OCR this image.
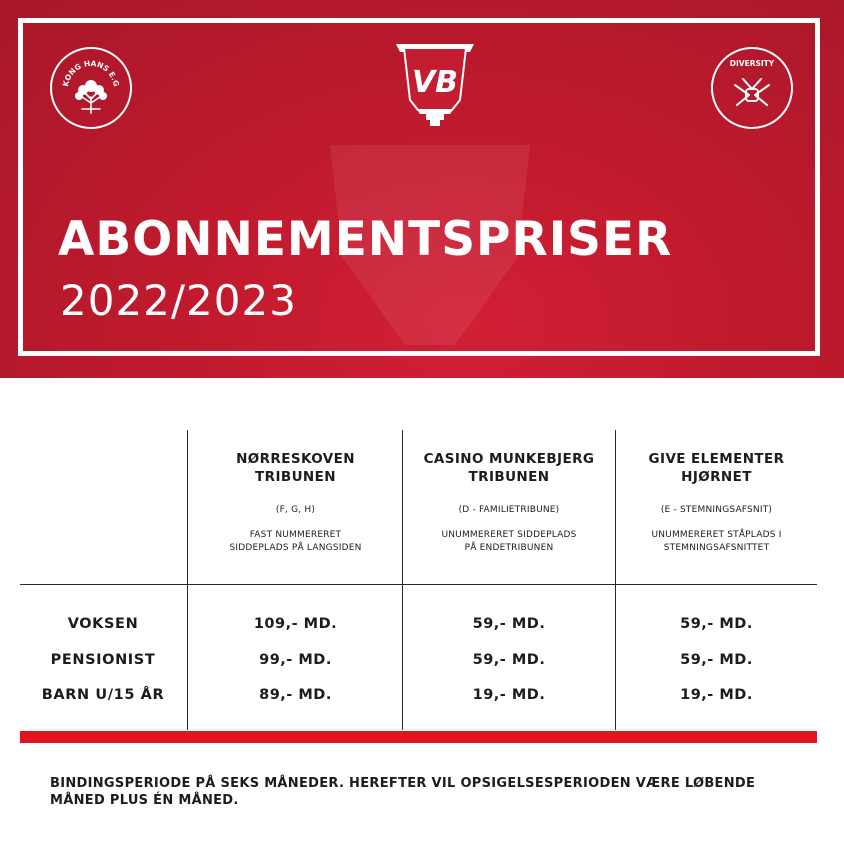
KONG HANS E.G	VB
DIVERSITY
ABONNEMENTSPRISER
2022/2023
NØRRESKOVEN
TRIBUNEN
(F, G, H)
FAST NUMMERERET
SIDDEPLADS PÅ LANGSIDEN
CASINO MUNKEBJERG
TRIBUNEN
(D - FAMILIETRIBUNE)
UNUMMERERET SIDDEPLADS
PÅ ENDETRIBUNEN
GIVE ELEMENTER
HJØRNET
(E - STEMNINGSAFSNIT)
UNUMMERERET STÅPLADS I
STEMNINGSAFSNITTET
VOKSEN	109,- MD.	59,- MD.	59,- MD.
PENSIONIST	99,- MD.	59,- MD.	59,- MD.
BARN U/15 ÅR	89,- MD.	19,- MD.	19,- MD.
BINDINGSPERIODE PÅ SEKS MÅNEDER. HEREFTER VIL OPSIGELSESPERIODEN VÆRE LØBENDE
MÅNED PLUS ÉN MÅNED.
